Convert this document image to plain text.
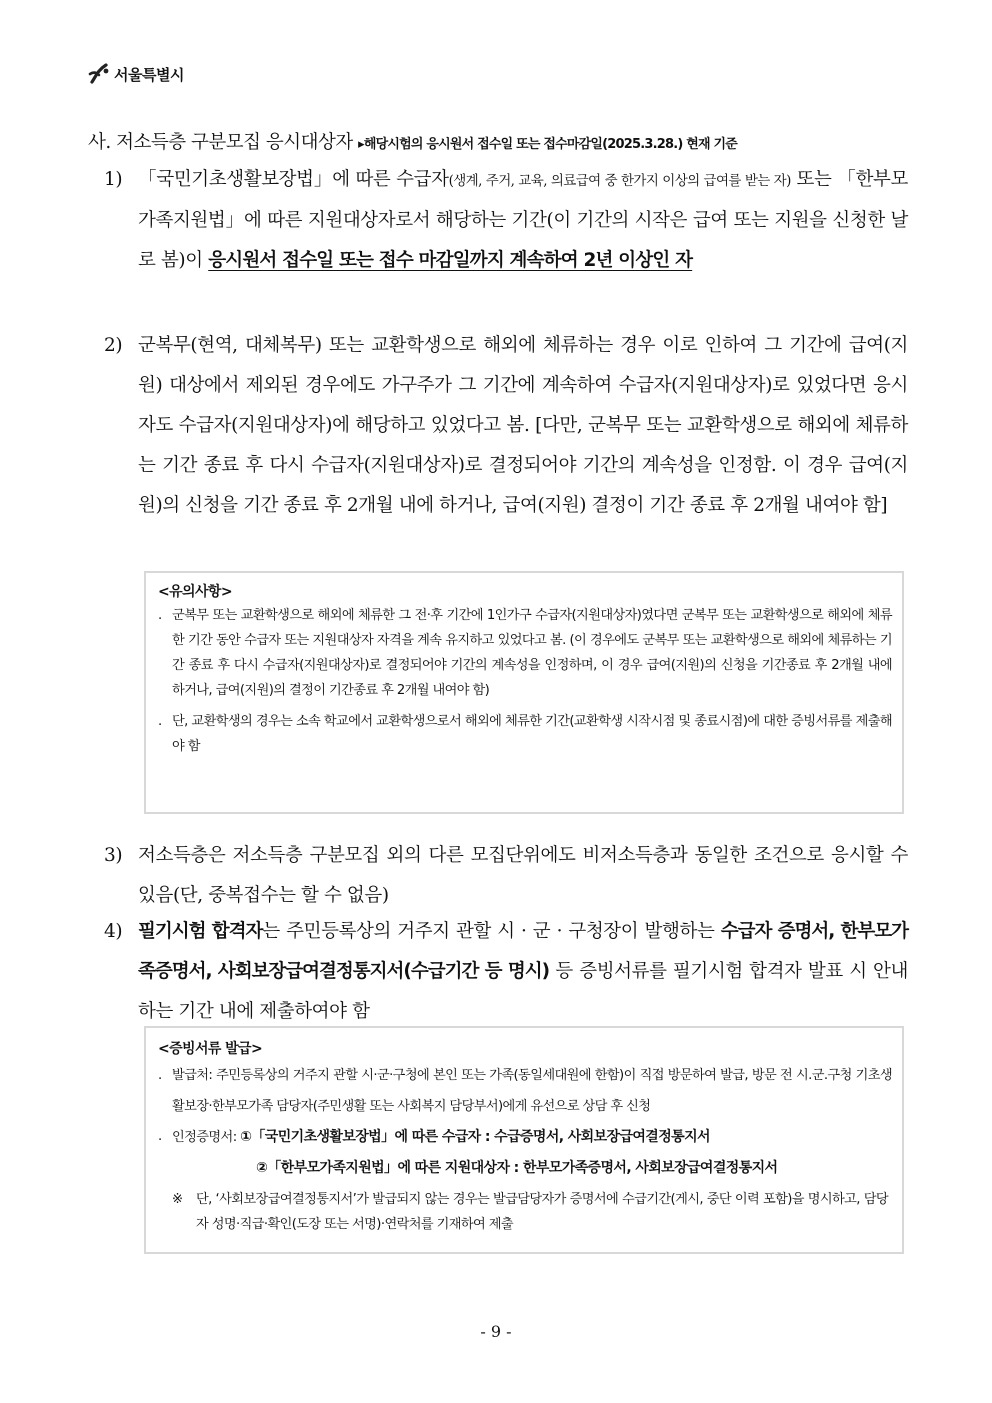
서울특별시
사. 저소득층 구분모집 응시대상자 ▸해당시험의 응시원서 접수일 또는 접수마감일(2025.3.28.) 현재 기준
1) 「국민기초생활보장법」에 따른 수급자(생계, 주거, 교육, 의료급여 중 한가지 이상의 급여를 받는 자) 또는 「한부모가족지원법」에 따른 지원대상자로서 해당하는 기간(이 기간의 시작은 급여 또는 지원을 신청한 날로 봄)이 응시원서 접수일 또는 접수 마감일까지 계속하여 2년 이상인 자
2) 군복무(현역, 대체복무) 또는 교환학생으로 해외에 체류하는 경우 이로 인하여 그 기간에 급여(지원) 대상에서 제외된 경우에도 가구주가 그 기간에 계속하여 수급자(지원대상자)로 있었다면 응시자도 수급자(지원대상자)에 해당하고 있었다고 봄. [다만, 군복무 또는 교환학생으로 해외에 체류하는 기간 종료 후 다시 수급자(지원대상자)로 결정되어야 기간의 계속성을 인정함. 이 경우 급여(지원)의 신청을 기간 종료 후 2개월 내에 하거나, 급여(지원) 결정이 기간 종료 후 2개월 내여야 함]
<유의사항>
. 군복무 또는 교환학생으로 해외에 체류한 그 전·후 기간에 1인가구 수급자(지원대상자)였다면 군복무 또는 교환학생으로 해외에 체류한 기간 동안 수급자 또는 지원대상자 자격을 계속 유지하고 있었다고 봄. (이 경우에도 군복무 또는 교환학생으로 해외에 체류하는 기간 종료 후 다시 수급자(지원대상자)로 결정되어야 기간의 계속성을 인정하며, 이 경우 급여(지원)의 신청을 기간종료 후 2개월 내에 하거나, 급여(지원)의 결정이 기간종료 후 2개월 내여야 함)
. 단, 교환학생의 경우는 소속 학교에서 교환학생으로서 해외에 체류한 기간(교환학생 시작시점 및 종료시점)에 대한 증빙서류를 제출해야 함
3) 저소득층은 저소득층 구분모집 외의 다른 모집단위에도 비저소득층과 동일한 조건으로 응시할 수 있음(단, 중복접수는 할 수 없음)
4) 필기시험 합격자는 주민등록상의 거주지 관할 시 · 군 · 구청장이 발행하는 수급자 증명서, 한부모가족증명서, 사회보장급여결정통지서(수급기간 등 명시) 등 증빙서류를 필기시험 합격자 발표 시 안내하는 기간 내에 제출하여야 함
<증빙서류 발급>
. 발급처: 주민등록상의 거주지 관할 시·군·구청에 본인 또는 가족(동일세대원에 한함)이 직접 방문하여 발급, 방문 전 시.군.구청 기초생활보장·한부모가족 담당자(주민생활 또는 사회복지 담당부서)에게 유선으로 상담 후 신청
. 인정증명서: ①「국민기초생활보장법」에 따른 수급자 : 수급증명서, 사회보장급여결정통지서
②「한부모가족지원법」에 따른 지원대상자 : 한부모가족증명서, 사회보장급여결정통지서
※ 단, ‘사회보장급여결정통지서’가 발급되지 않는 경우는 발급담당자가 증명서에 수급기간(게시, 중단 이력 포함)을 명시하고, 담당자 성명·직급·확인(도장 또는 서명)·연락처를 기재하여 제출
- 9 -
